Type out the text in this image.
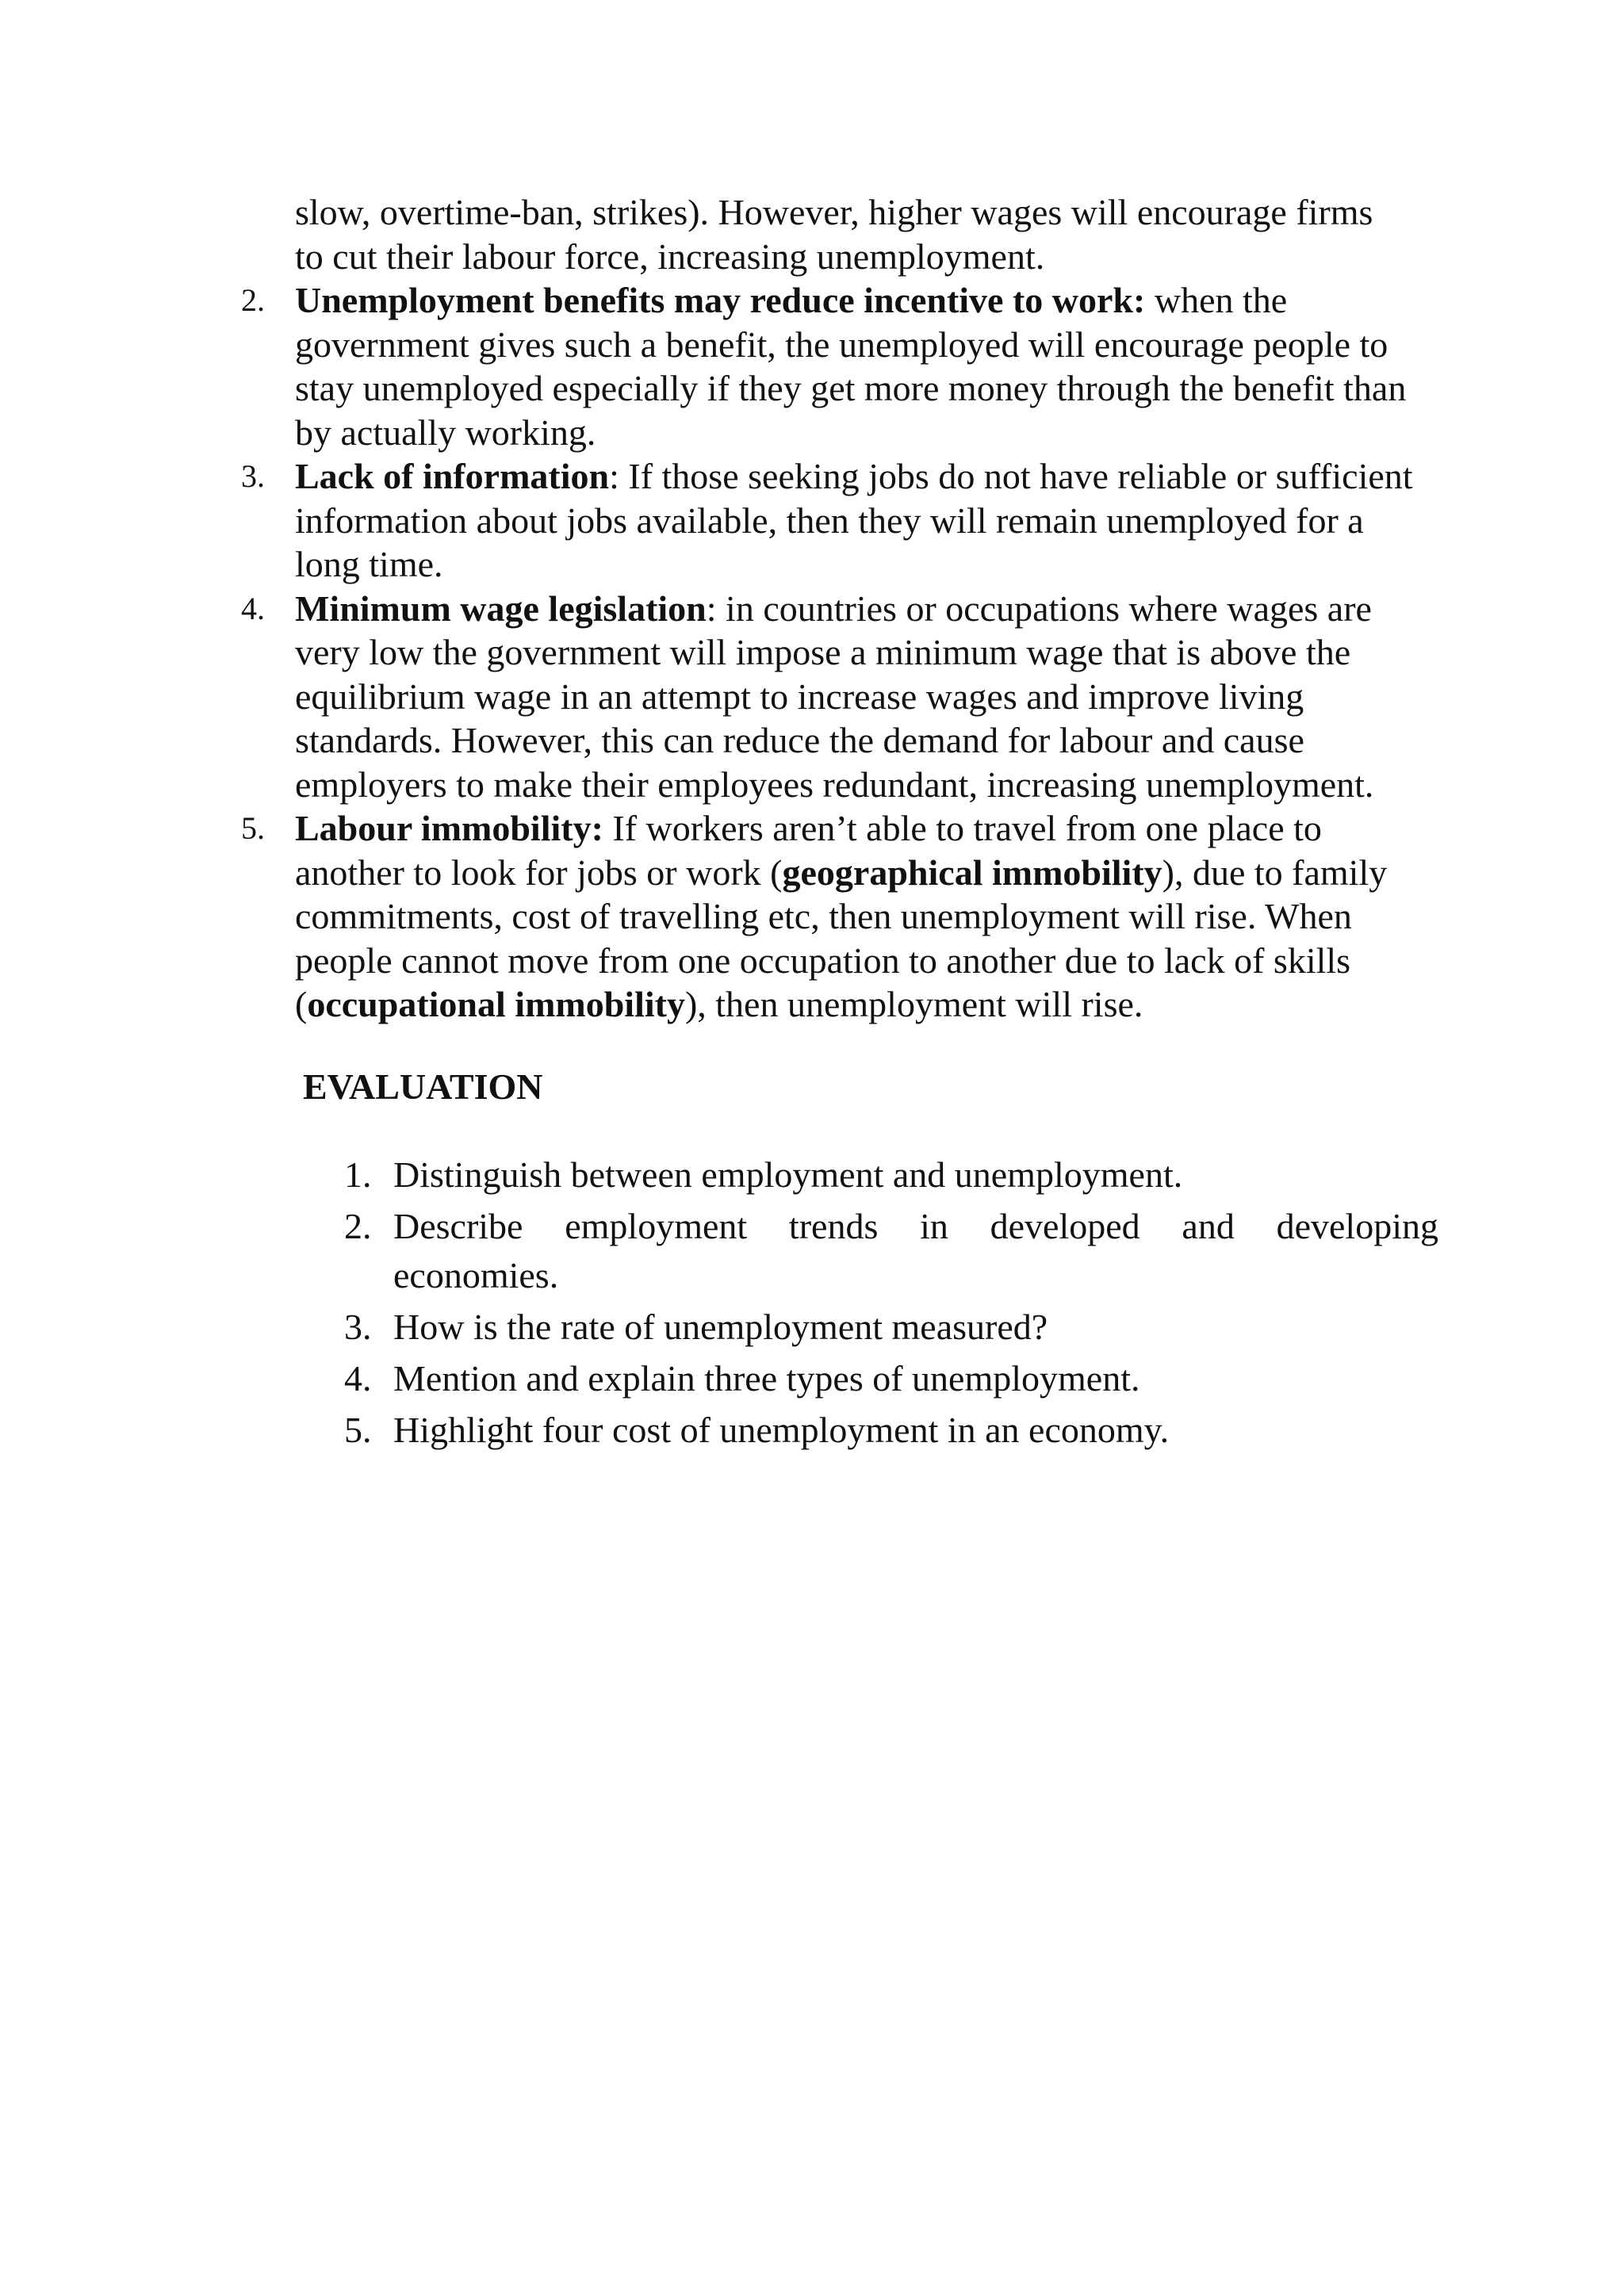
slow, overtime-ban, strikes). However, higher wages will encourage firms
to cut their labour force, increasing unemployment.

2. Unemployment benefits may reduce incentive to work: when the government gives such a benefit, the unemployed will encourage people to stay unemployed especially if they get more money through the benefit than by actually working.
3. Lack of information: If those seeking jobs do not have reliable or sufficient information about jobs available, then they will remain unemployed for a long time.
4. Minimum wage legislation: in countries or occupations where wages are very low the government will impose a minimum wage that is above the equilibrium wage in an attempt to increase wages and improve living standards. However, this can reduce the demand for labour and cause employers to make their employees redundant, increasing unemployment.
5. Labour immobility: If workers aren’t able to travel from one place to another to look for jobs or work (geographical immobility), due to family commitments, cost of travelling etc, then unemployment will rise. When people cannot move from one occupation to another due to lack of skills (occupational immobility), then unemployment will rise.
EVALUATION
1. Distinguish between employment and unemployment.
2. Describe employment trends in developed and developing
economies.
3. How is the rate of unemployment measured?
4. Mention and explain three types of unemployment.
5. Highlight four cost of unemployment in an economy.
